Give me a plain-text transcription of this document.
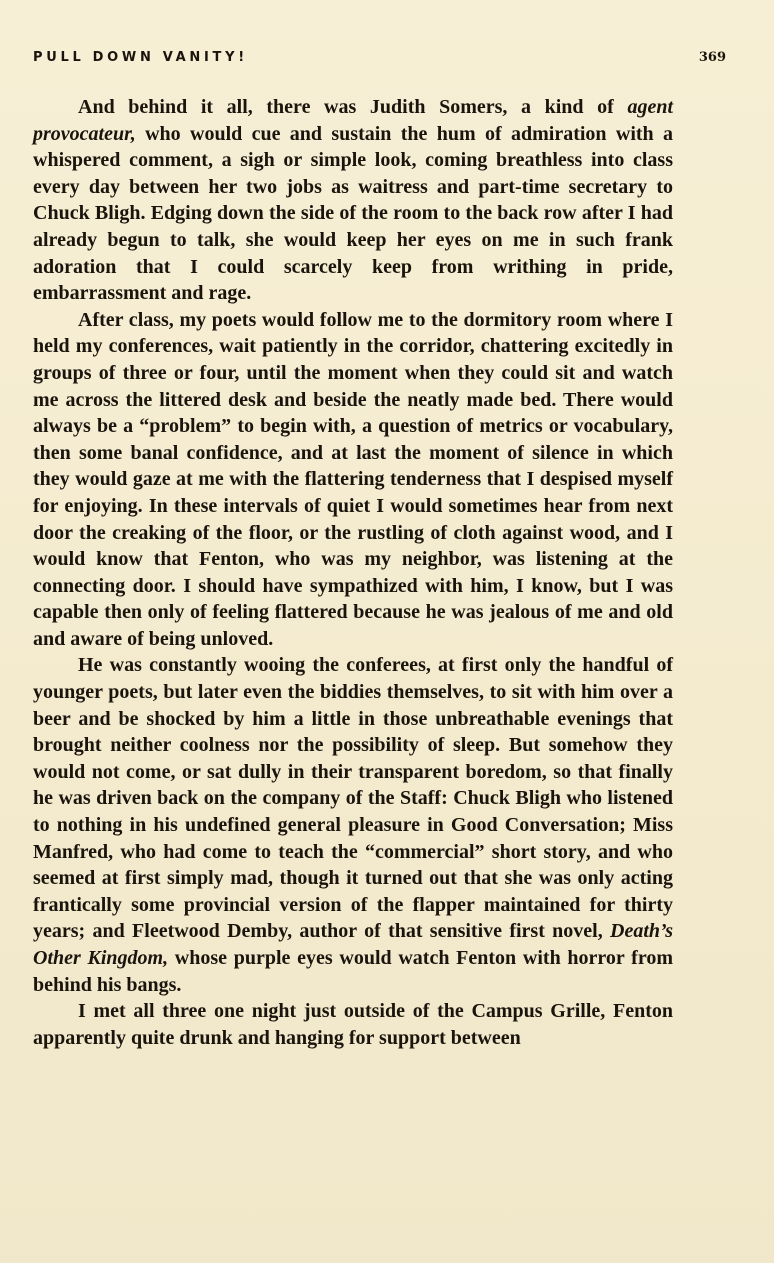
PULL DOWN VANITY!	369

And behind it all, there was Judith Somers, a kind of agent provocateur, who would cue and sustain the hum of admiration with a whispered comment, a sigh or simple look, coming breathless into class every day between her two jobs as waitress and part-time secretary to Chuck Bligh. Edging down the side of the room to the back row after I had already begun to talk, she would keep her eyes on me in such frank adoration that I could scarcely keep from writhing in pride, embarrassment and rage.

After class, my poets would follow me to the dormitory room where I held my conferences, wait patiently in the corridor, chattering excitedly in groups of three or four, until the moment when they could sit and watch me across the littered desk and beside the neatly made bed. There would always be a “problem” to begin with, a question of metrics or vocabulary, then some banal confidence, and at last the moment of silence in which they would gaze at me with the flattering tenderness that I despised myself for enjoying. In these intervals of quiet I would sometimes hear from next door the creaking of the floor, or the rustling of cloth against wood, and I would know that Fenton, who was my neighbor, was listening at the connecting door. I should have sympathized with him, I know, but I was capable then only of feeling flattered because he was jealous of me and old and aware of being unloved.

He was constantly wooing the conferees, at first only the handful of younger poets, but later even the biddies themselves, to sit with him over a beer and be shocked by him a little in those unbreathable evenings that brought neither coolness nor the possibility of sleep. But somehow they would not come, or sat dully in their transparent boredom, so that finally he was driven back on the company of the Staff: Chuck Bligh who listened to nothing in his undefined general pleasure in Good Conversation; Miss Manfred, who had come to teach the “commercial” short story, and who seemed at first simply mad, though it turned out that she was only acting frantically some provincial version of the flapper maintained for thirty years; and Fleetwood Demby, author of that sensitive first novel, Death’s Other Kingdom, whose purple eyes would watch Fenton with horror from behind his bangs.

I met all three one night just outside of the Campus Grille, Fenton apparently quite drunk and hanging for support between
